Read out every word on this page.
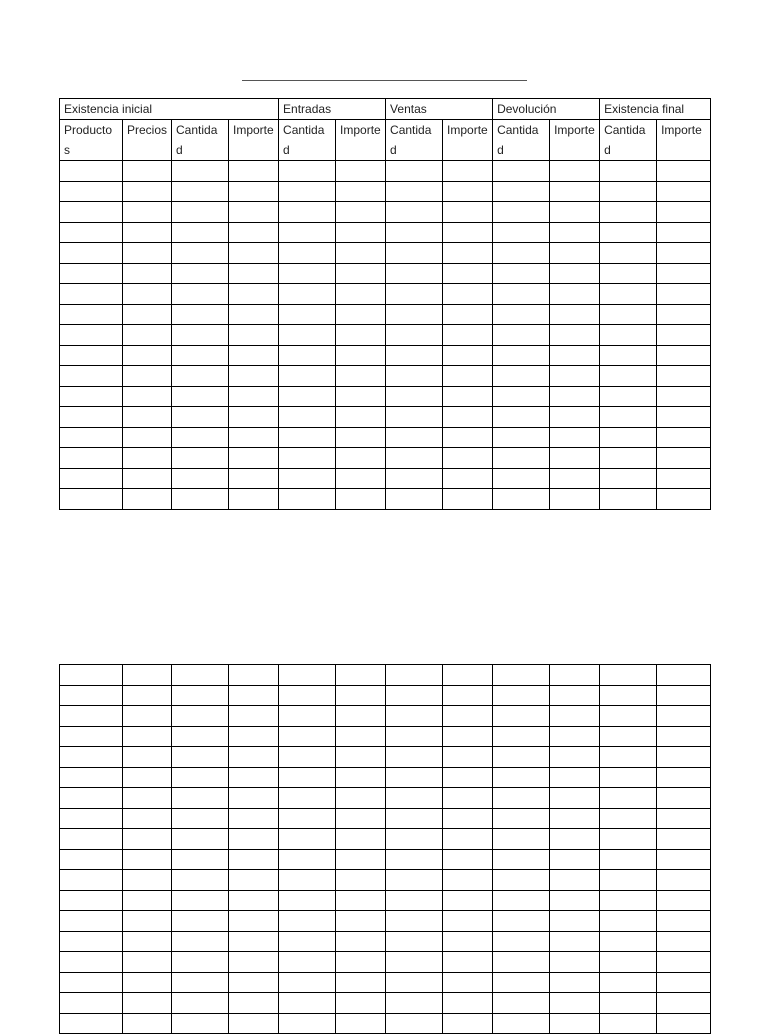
Existencia inicial				Entradas		Ventas		Devolución		Existencia final	
Productos	Precios	Cantidad	Importe	Cantidad	Importe	Cantidad	Importe	Cantidad	Importe	Cantidad	Importe
